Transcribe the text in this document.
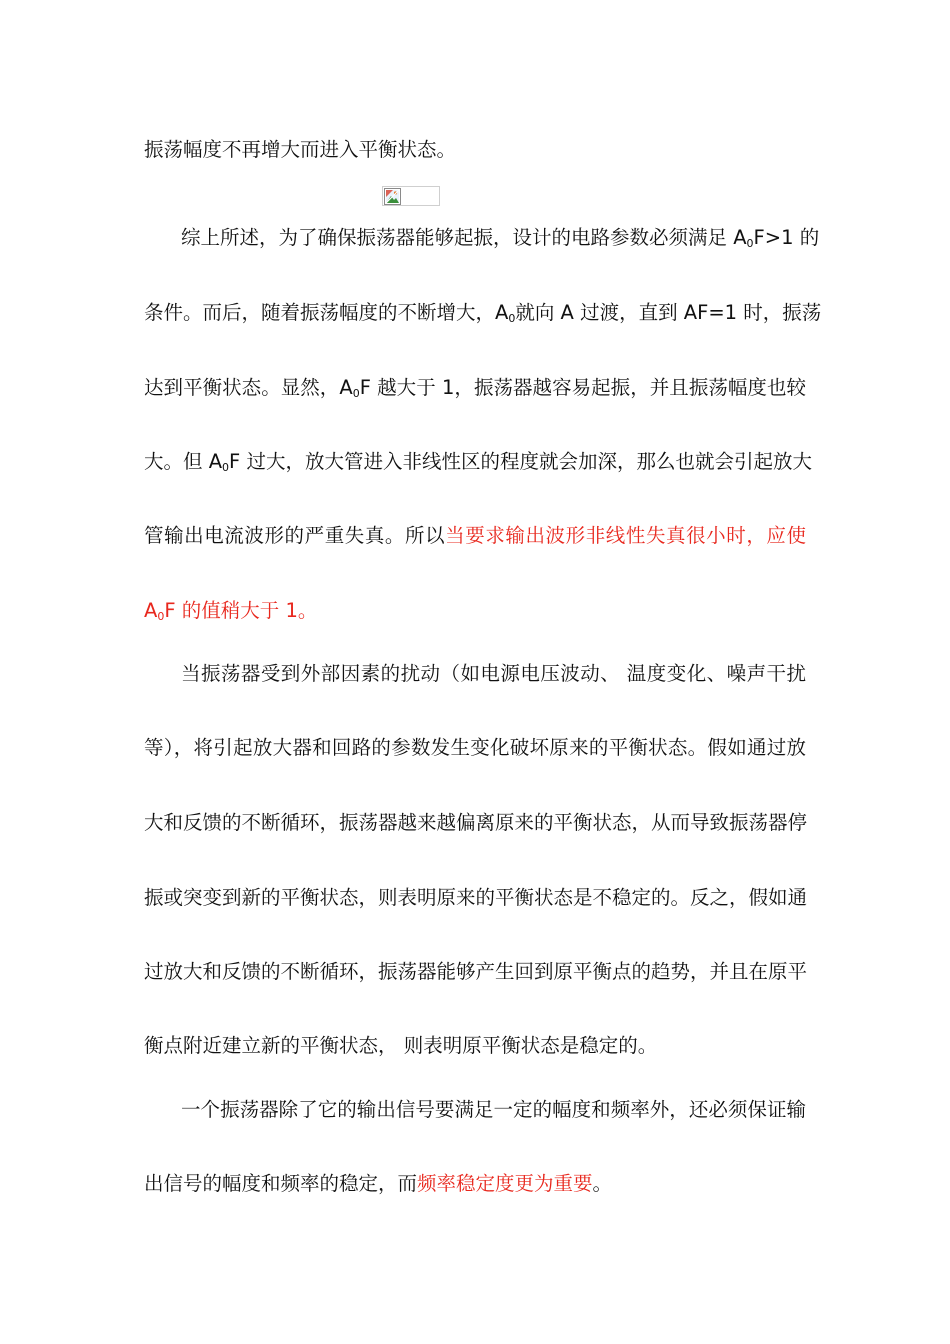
振荡幅度不再增大而进入平衡状态。
综上所述，为了确保振荡器能够起振，设计的电路参数必须满足 $A_0F>1$ 的
条件。而后，随着振荡幅度的不断增大，$A_0$就向 A 过渡，直到 AF=1 时，振荡
达到平衡状态。显然，$A_0F$ 越大于 1，振荡器越容易起振，并且振荡幅度也较
大。但 $A_0F$ 过大，放大管进入非线性区的程度就会加深，那么也就会引起放大
管输出电流波形的严重失真。所以当要求输出波形非线性失真很小时，应使
$A_0F$ 的值稍大于 1。
当振荡器受到外部因素的扰动（如电源电压波动、 温度变化、噪声干扰
等），将引起放大器和回路的参数发生变化破坏原来的平衡状态。假如通过放
大和反馈的不断循环，振荡器越来越偏离原来的平衡状态，从而导致振荡器停
振或突变到新的平衡状态，则表明原来的平衡状态是不稳定的。反之，假如通
过放大和反馈的不断循环，振荡器能够产生回到原平衡点的趋势，并且在原平
衡点附近建立新的平衡状态， 则表明原平衡状态是稳定的。
一个振荡器除了它的输出信号要满足一定的幅度和频率外，还必须保证输
出信号的幅度和频率的稳定，而频率稳定度更为重要。
